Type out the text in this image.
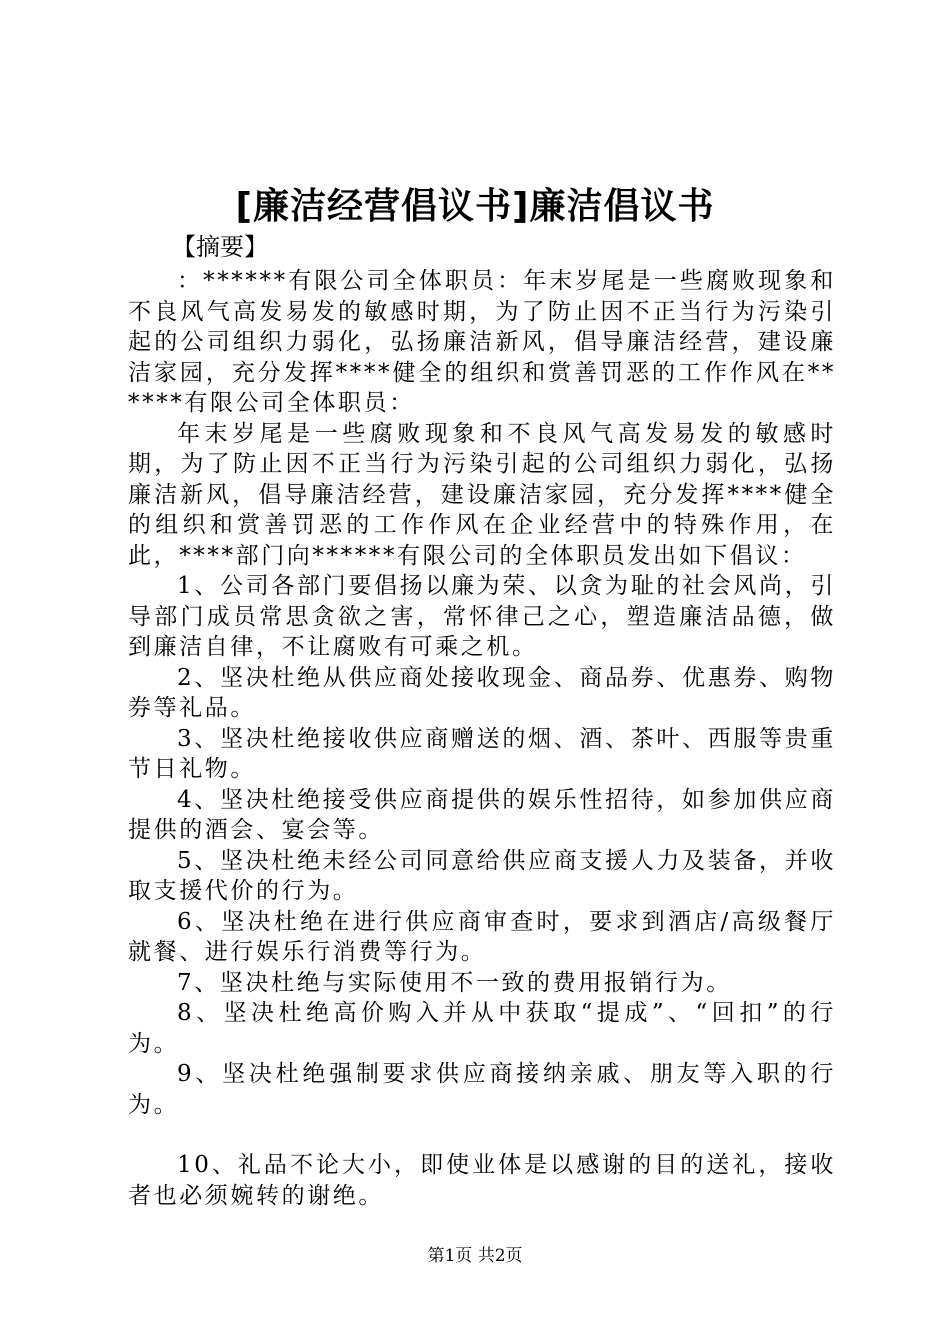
[廉洁经营倡议书]廉洁倡议书
【摘要】

：******有限公司全体职员：年末岁尾是一些腐败现象和不良风气高发易发的敏感时期，为了防止因不正当行为污染引起的公司组织力弱化，弘扬廉洁新风，倡导廉洁经营，建设廉洁家园，充分发挥****健全的组织和赏善罚恶的工作作风在******有限公司全体职员：

年末岁尾是一些腐败现象和不良风气高发易发的敏感时期，为了防止因不正当行为污染引起的公司组织力弱化，弘扬廉洁新风，倡导廉洁经营，建设廉洁家园，充分发挥****健全的组织和赏善罚恶的工作作风在企业经营中的特殊作用，在此，****部门向******有限公司的全体职员发出如下倡议：

1、公司各部门要倡扬以廉为荣、以贪为耻的社会风尚，引导部门成员常思贪欲之害，常怀律己之心，塑造廉洁品德，做到廉洁自律，不让腐败有可乘之机。

2、坚决杜绝从供应商处接收现金、商品券、优惠券、购物券等礼品。

3、坚决杜绝接收供应商赠送的烟、酒、茶叶、西服等贵重节日礼物。

4、坚决杜绝接受供应商提供的娱乐性招待，如参加供应商提供的酒会、宴会等。

5、坚决杜绝未经公司同意给供应商支援人力及装备，并收取支援代价的行为。

6、坚决杜绝在进行供应商审查时，要求到酒店/高级餐厅就餐、进行娱乐行消费等行为。

7、坚决杜绝与实际使用不一致的费用报销行为。

8、坚决杜绝高价购入并从中获取“提成”、“回扣”的行为。

9、坚决杜绝强制要求供应商接纳亲戚、朋友等入职的行为。

10、礼品不论大小，即使业体是以感谢的目的送礼，接收者也必须婉转的谢绝。

第1页 共2页
